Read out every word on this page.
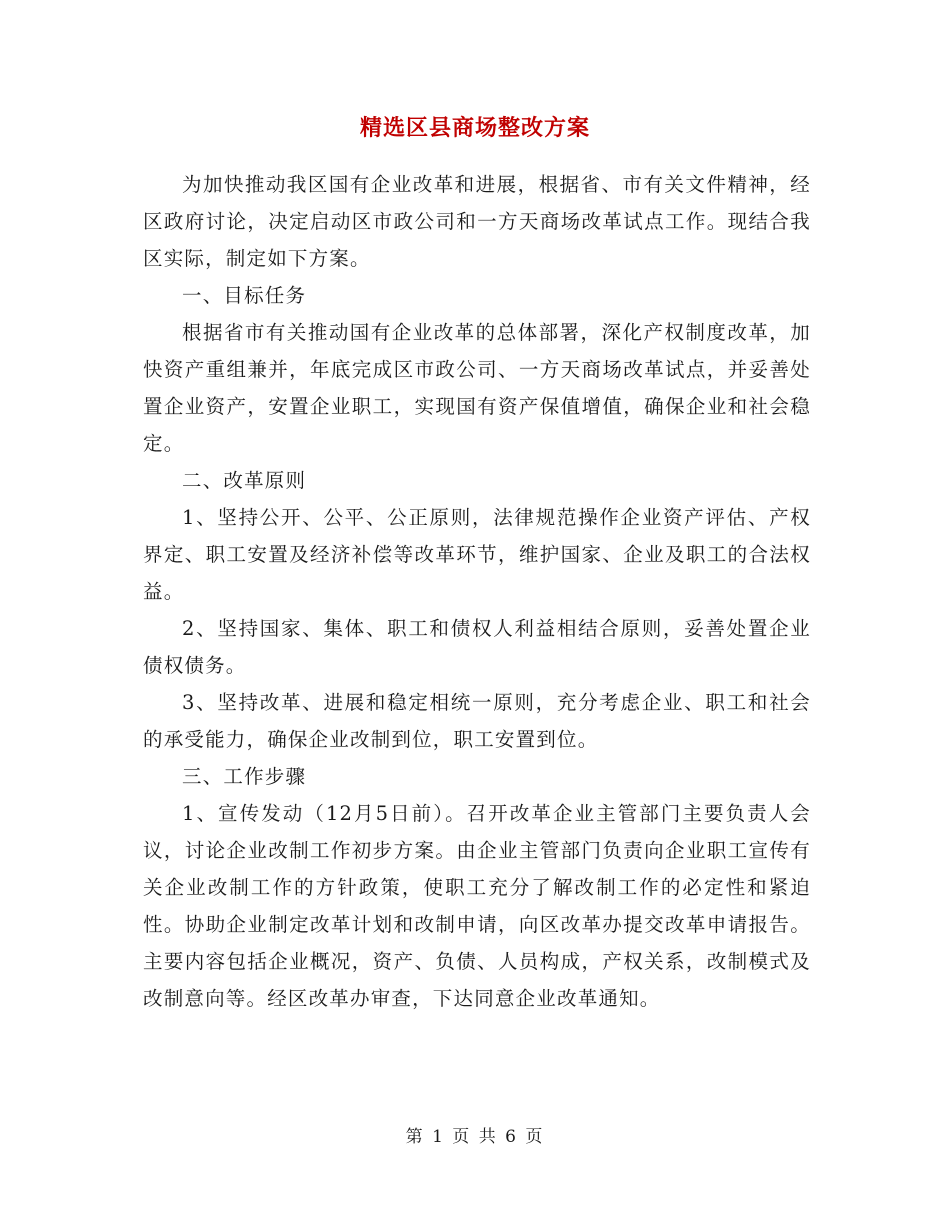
精选区县商场整改方案

为加快推动我区国有企业改革和进展，根据省、市有关文件精神，经区政府讨论，决定启动区市政公司和一方天商场改革试点工作。现结合我区实际，制定如下方案。

一、目标任务

根据省市有关推动国有企业改革的总体部署，深化产权制度改革，加快资产重组兼并，年底完成区市政公司、一方天商场改革试点，并妥善处置企业资产，安置企业职工，实现国有资产保值增值，确保企业和社会稳定。

二、改革原则

1、坚持公开、公平、公正原则，法律规范操作企业资产评估、产权界定、职工安置及经济补偿等改革环节，维护国家、企业及职工的合法权益。

2、坚持国家、集体、职工和债权人利益相结合原则，妥善处置企业债权债务。

3、坚持改革、进展和稳定相统一原则，充分考虑企业、职工和社会的承受能力，确保企业改制到位，职工安置到位。

三、工作步骤

1、宣传发动（12月5日前）。召开改革企业主管部门主要负责人会议，讨论企业改制工作初步方案。由企业主管部门负责向企业职工宣传有关企业改制工作的方针政策，使职工充分了解改制工作的必定性和紧迫性。协助企业制定改革计划和改制申请，向区改革办提交改革申请报告。主要内容包括企业概况，资产、负债、人员构成，产权关系，改制模式及改制意向等。经区改革办审查，下达同意企业改革通知。

第 1 页 共 6 页
